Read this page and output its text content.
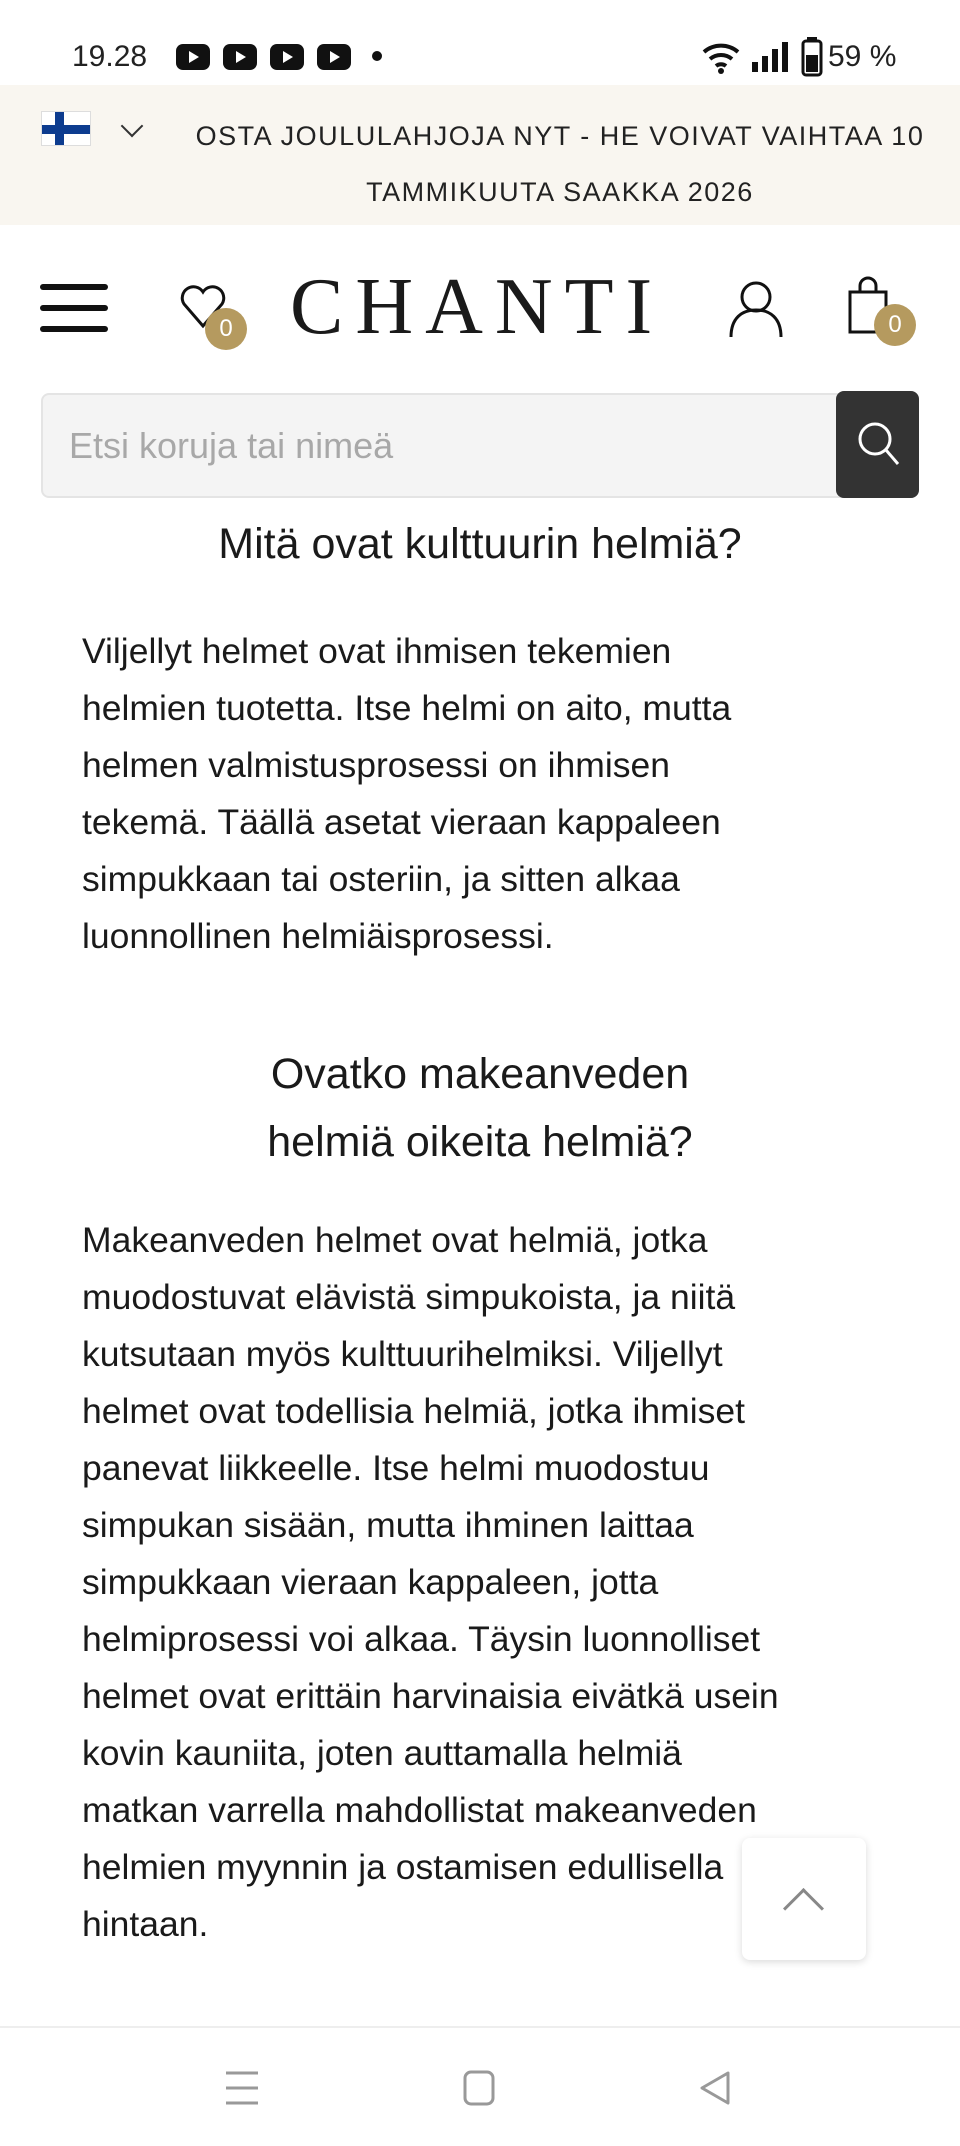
19.28	59 %
OSTA JOULULAHJOJA NYT - HE VOIVAT VAIHTAA 10 TAMMIKUUTA SAAKKA 2026
0 CHANTI	0
Etsi koruja tai nimeä
Mitä ovat kulttuurin helmiä?
Viljellyt helmet ovat ihmisen tekemien
helmien tuotetta. Itse helmi on aito, mutta
helmen valmistusprosessi on ihmisen
tekemä. Täällä asetat vieraan kappaleen
simpukkaan tai osteriin, ja sitten alkaa
luonnollinen helmiäisprosessi.
Ovatko makeanveden
helmiä oikeita helmiä?
Makeanveden helmet ovat helmiä, jotka
muodostuvat elävistä simpukoista, ja niitä
kutsutaan myös kulttuurihelmiksi. Viljellyt
helmet ovat todellisia helmiä, jotka ihmiset
panevat liikkeelle. Itse helmi muodostuu
simpukan sisään, mutta ihminen laittaa
simpukkaan vieraan kappaleen, jotta
helmiprosessi voi alkaa. Täysin luonnolliset
helmet ovat erittäin harvinaisia eivätkä usein
kovin kauniita, joten auttamalla helmiä
matkan varrella mahdollistat makeanveden
helmien myynnin ja ostamisen edullisella
hintaan.
